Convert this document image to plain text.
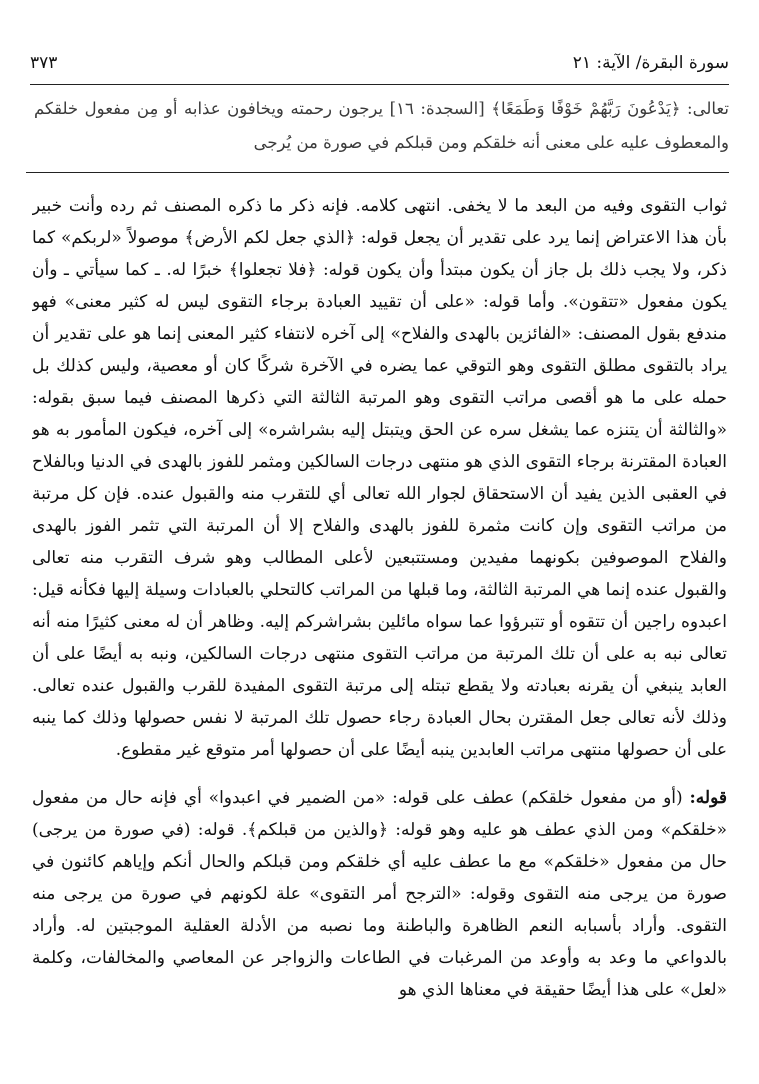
سورة البقرة/ الآية: ٢١
٣٧٣
تعالى: ﴿يَدْعُونَ رَبَّهُمْ خَوْفًا وَطَمَعًا﴾ [السجدة: ١٦] يرجون رحمته ويخافون عذابه أو مِن مفعول خلقكم والمعطوف عليه على معنى أنه خلقكم ومن قبلكم في صورة من يُرجى

ثواب التقوى وفيه من البعد ما لا يخفى. انتهى كلامه. فإنه ذكر ما ذكره المصنف ثم رده وأنت خبير بأن هذا الاعتراض إنما يرد على تقدير أن يجعل قوله: ﴿الذي جعل لكم الأرض﴾ موصولاً «لربكم» كما ذكر، ولا يجب ذلك بل جاز أن يكون مبتدأ وأن يكون قوله: ﴿فلا تجعلوا﴾ خبرًا له. ـ كما سيأتي ـ وأن يكون مفعول «تتقون». وأما قوله: «على أن تقييد العبادة برجاء التقوى ليس له كثير معنى» فهو مندفع بقول المصنف: «الفائزين بالهدى والفلاح» إلى آخره لانتفاء كثير المعنى إنما هو على تقدير أن يراد بالتقوى مطلق التقوى وهو التوقي عما يضره في الآخرة شركًا كان أو معصية، وليس كذلك بل حمله على ما هو أقصى مراتب التقوى وهو المرتبة الثالثة التي ذكرها المصنف فيما سبق بقوله: «والثالثة أن يتنزه عما يشغل سره عن الحق ويتبتل إليه بشراشره» إلى آخره، فيكون المأمور به هو العبادة المقترنة برجاء التقوى الذي هو منتهى درجات السالكين ومثمر للفوز بالهدى في الدنيا وبالفلاح في العقبى الذين يفيد أن الاستحقاق لجوار الله تعالى أي للتقرب منه والقبول عنده. فإن كل مرتبة من مراتب التقوى وإن كانت مثمرة للفوز بالهدى والفلاح إلا أن المرتبة التي تثمر الفوز بالهدى والفلاح الموصوفين بكونهما مفيدين ومستتبعين لأعلى المطالب وهو شرف التقرب منه تعالى والقبول عنده إنما هي المرتبة الثالثة، وما قبلها من المراتب كالتحلي بالعبادات وسيلة إليها فكأنه قيل: اعبدوه راجين أن تتقوه أو تتبرؤوا عما سواه مائلين بشراشركم إليه. وظاهر أن له معنى كثيرًا منه أنه تعالى نبه به على أن تلك المرتبة من مراتب التقوى منتهى درجات السالكين، ونبه به أيضًا على أن العابد ينبغي أن يقرنه بعبادته ولا يقطع تبتله إلى مرتبة التقوى المفيدة للقرب والقبول عنده تعالى. وذلك لأنه تعالى جعل المقترن بحال العبادة رجاء حصول تلك المرتبة لا نفس حصولها وذلك كما ينبه على أن حصولها منتهى مراتب العابدين ينبه أيضًا على أن حصولها أمر متوقع غير مقطوع.

قوله: (أو من مفعول خلقكم) عطف على قوله: «من الضمير في اعبدوا» أي فإنه حال من مفعول «خلقكم» ومن الذي عطف هو عليه وهو قوله: ﴿والذين من قبلكم﴾. قوله: (في صورة من يرجى) حال من مفعول «خلقكم» مع ما عطف عليه أي خلقكم ومن قبلكم والحال أنكم وإياهم كائنون في صورة من يرجى منه التقوى وقوله: «الترجح أمر التقوى» علة لكونهم في صورة من يرجى منه التقوى. وأراد بأسبابه النعم الظاهرة والباطنة وما نصبه من الأدلة العقلية الموجبتين له. وأراد بالدواعي ما وعد به وأوعد من المرغبات في الطاعات والزواجر عن المعاصي والمخالفات، وكلمة «لعل» على هذا أيضًا حقيقة في معناها الذي هو
